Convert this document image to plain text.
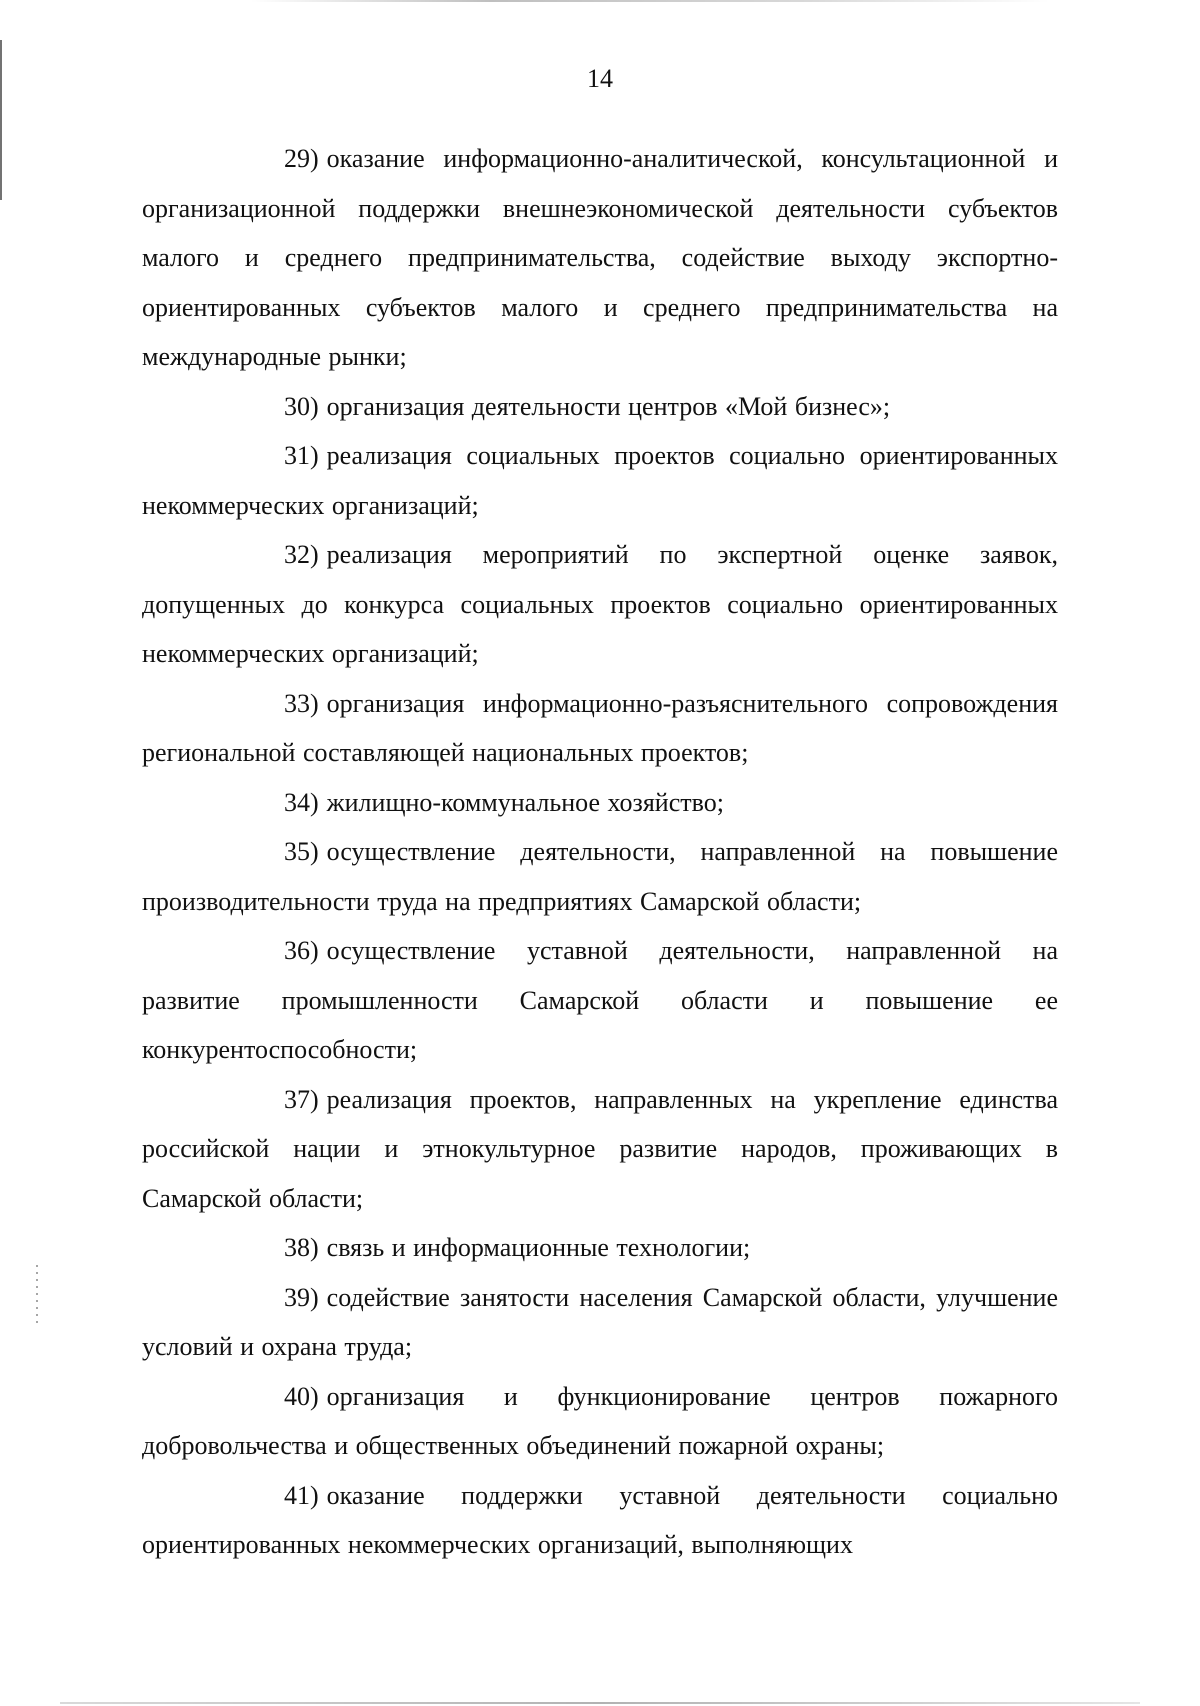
14

29) оказание информационно-аналитической, консультационной и организационной поддержки внешнеэкономической деятельности субъектов малого и среднего предпринимательства, содействие выходу экспортно-ориентированных субъектов малого и среднего предпринимательства на международные рынки;

30) организация деятельности центров «Мой бизнес»;

31) реализация социальных проектов социально ориентированных некоммерческих организаций;

32) реализация мероприятий по экспертной оценке заявок, допущенных до конкурса социальных проектов социально ориентированных некоммерческих организаций;

33) организация информационно-разъяснительного сопровождения региональной составляющей национальных проектов;

34) жилищно-коммунальное хозяйство;

35) осуществление деятельности, направленной на повышение производительности труда на предприятиях Самарской области;

36) осуществление уставной деятельности, направленной на развитие промышленности Самарской области и повышение ее конкурентоспособности;

37) реализация проектов, направленных на укрепление единства российской нации и этнокультурное развитие народов, проживающих в Самарской области;

38) связь и информационные технологии;

39) содействие занятости населения Самарской области, улучшение условий и охрана труда;

40) организация и функционирование центров пожарного добровольчества и общественных объединений пожарной охраны;

41) оказание поддержки уставной деятельности социально ориентированных некоммерческих организаций, выполняющих
